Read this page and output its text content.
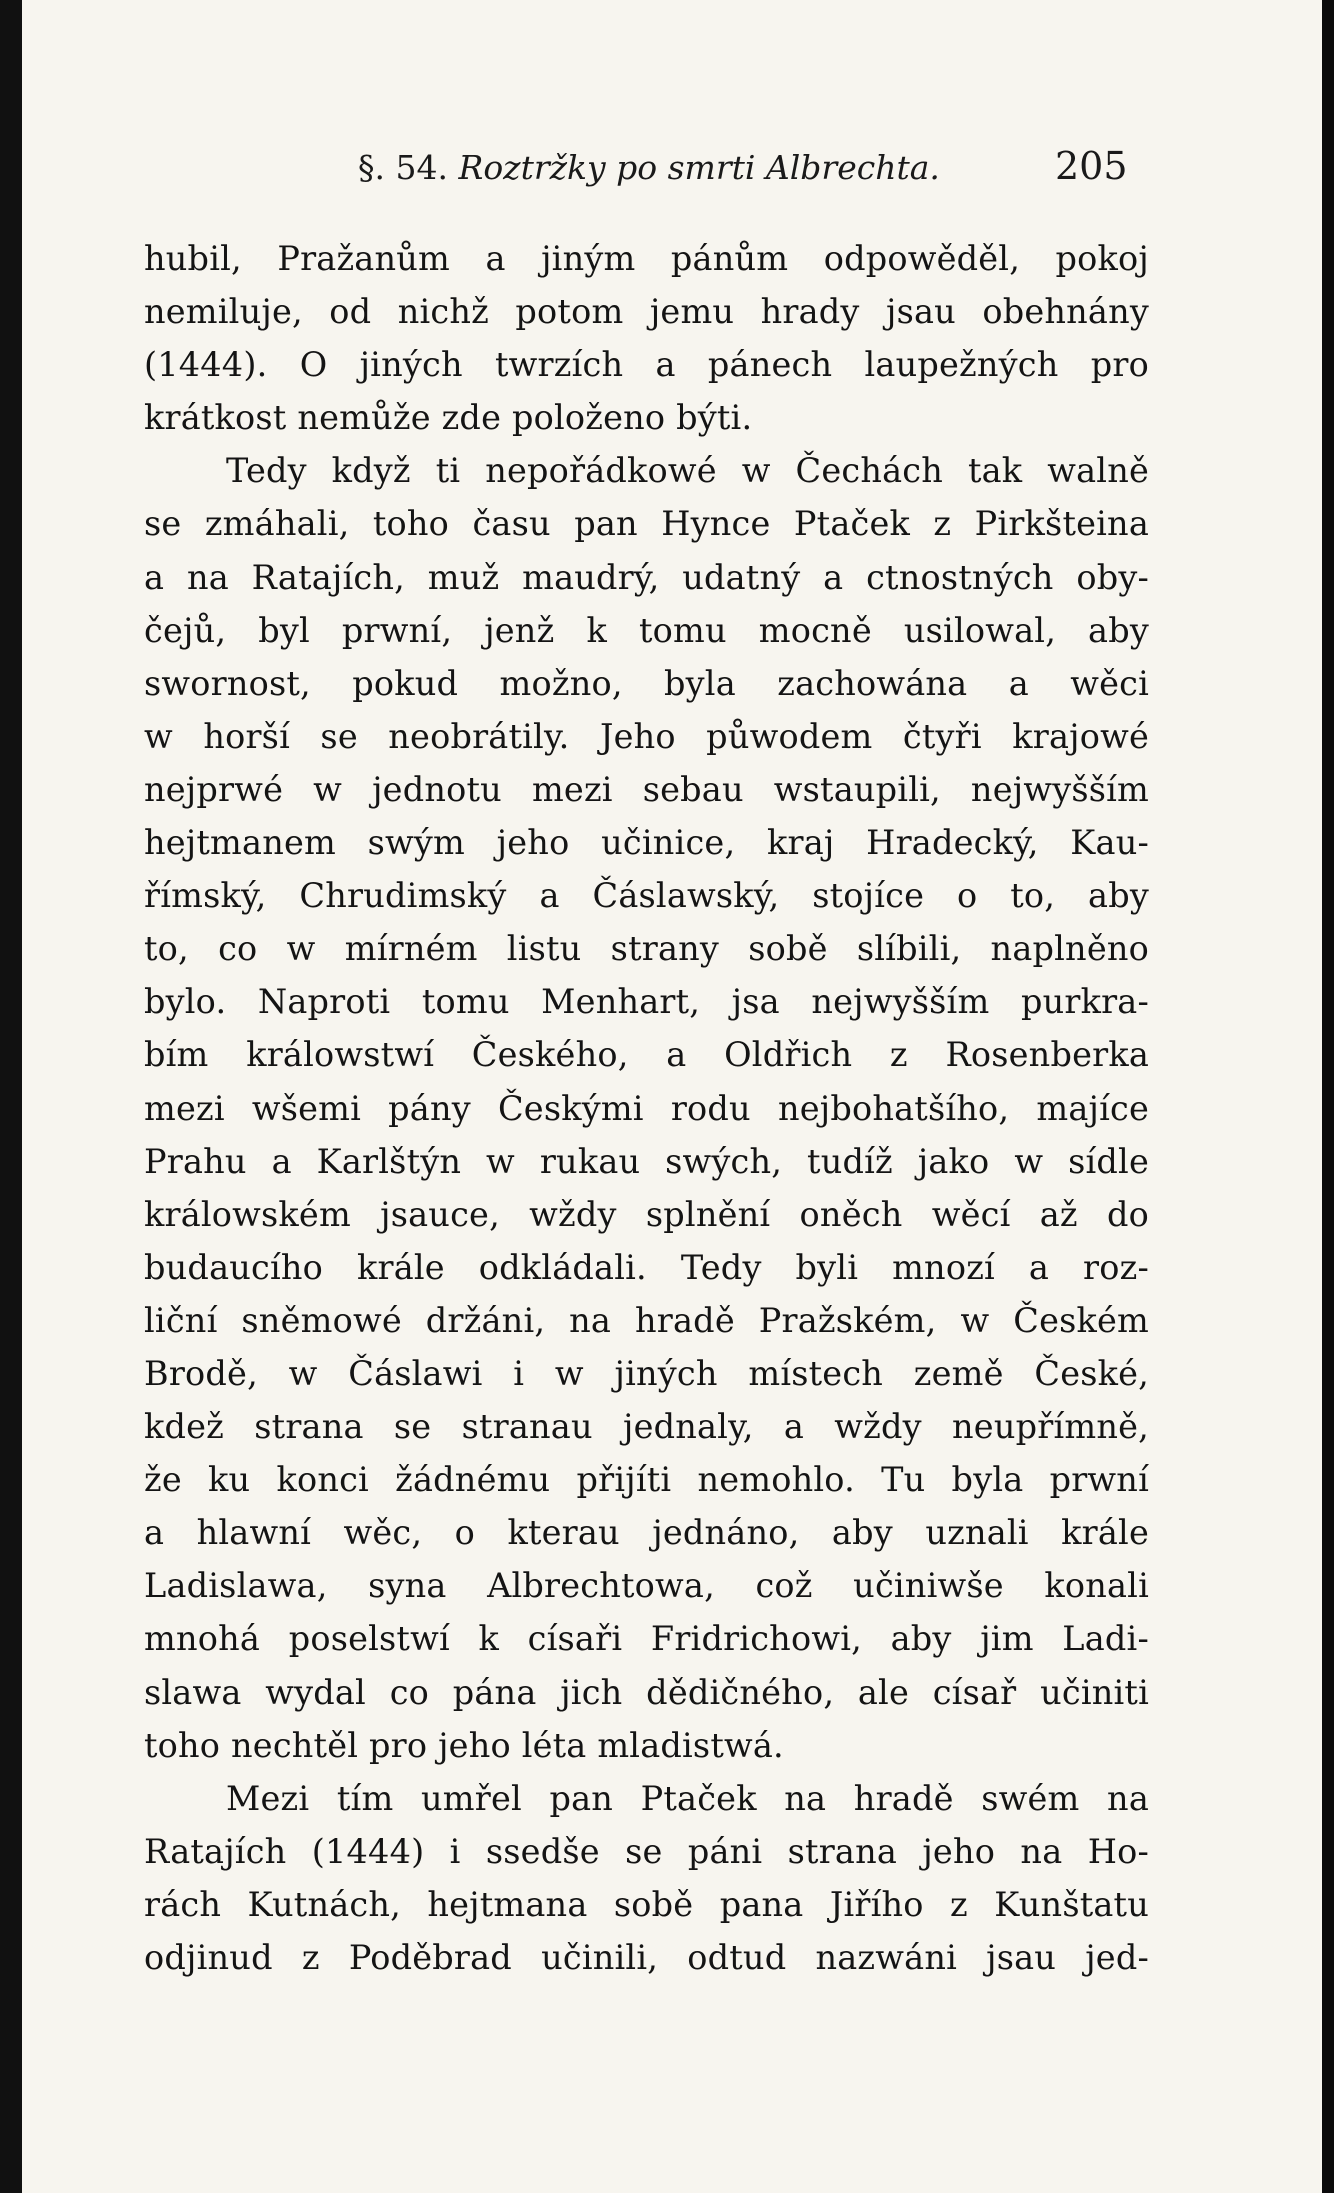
§. 54. Roztržky po smrti Albrechta.	205
hubil, Pražanům a jiným pánům odpowěděl, pokoj
nemiluje, od nichž potom jemu hrady jsau obehnány
(1444). O jiných twrzích a pánech laupežných pro
krátkost nemůže zde položeno býti.
Tedy když ti nepořádkowé w Čechách tak walně
se zmáhali, toho času pan Hynce Ptaček z Pirkšteina
a na Ratajích, muž maudrý, udatný a ctnostných oby-
čejů, byl prwní, jenž k tomu mocně usilowal, aby
swornost, pokud možno, byla zachowána a wěci
w horší se neobrátily. Jeho půwodem čtyři krajowé
nejprwé w jednotu mezi sebau wstaupili, nejwyšším
hejtmanem swým jeho učinice, kraj Hradecký, Kau-
římský, Chrudimský a Čáslawský, stojíce o to, aby
to, co w mírném listu strany sobě slíbili, naplněno
bylo. Naproti tomu Menhart, jsa nejwyšším purkra-
bím králowstwí Českého, a Oldřich z Rosenberka
mezi wšemi pány Českými rodu nejbohatšího, majíce
Prahu a Karlštýn w rukau swých, tudíž jako w sídle
králowském jsauce, wždy splnění oněch wěcí až do
budaucího krále odkládali. Tedy byli mnozí a roz-
liční sněmowé držáni, na hradě Pražském, w Českém
Brodě, w Čáslawi i w jiných místech země České,
kdež strana se stranau jednaly, a wždy neupřímně,
že ku konci žádnému přijíti nemohlo. Tu byla prwní
a hlawní wěc, o kterau jednáno, aby uznali krále
Ladislawa, syna Albrechtowa, což učiniwše konali
mnohá poselstwí k císaři Fridrichowi, aby jim Ladi-
slawa wydal co pána jich dědičného, ale císař učiniti
toho nechtěl pro jeho léta mladistwá.
Mezi tím umřel pan Ptaček na hradě swém na
Ratajích (1444) i ssedše se páni strana jeho na Ho-
rách Kutnách, hejtmana sobě pana Jiřího z Kunštatu
odjinud z Poděbrad učinili, odtud nazwáni jsau jed-
